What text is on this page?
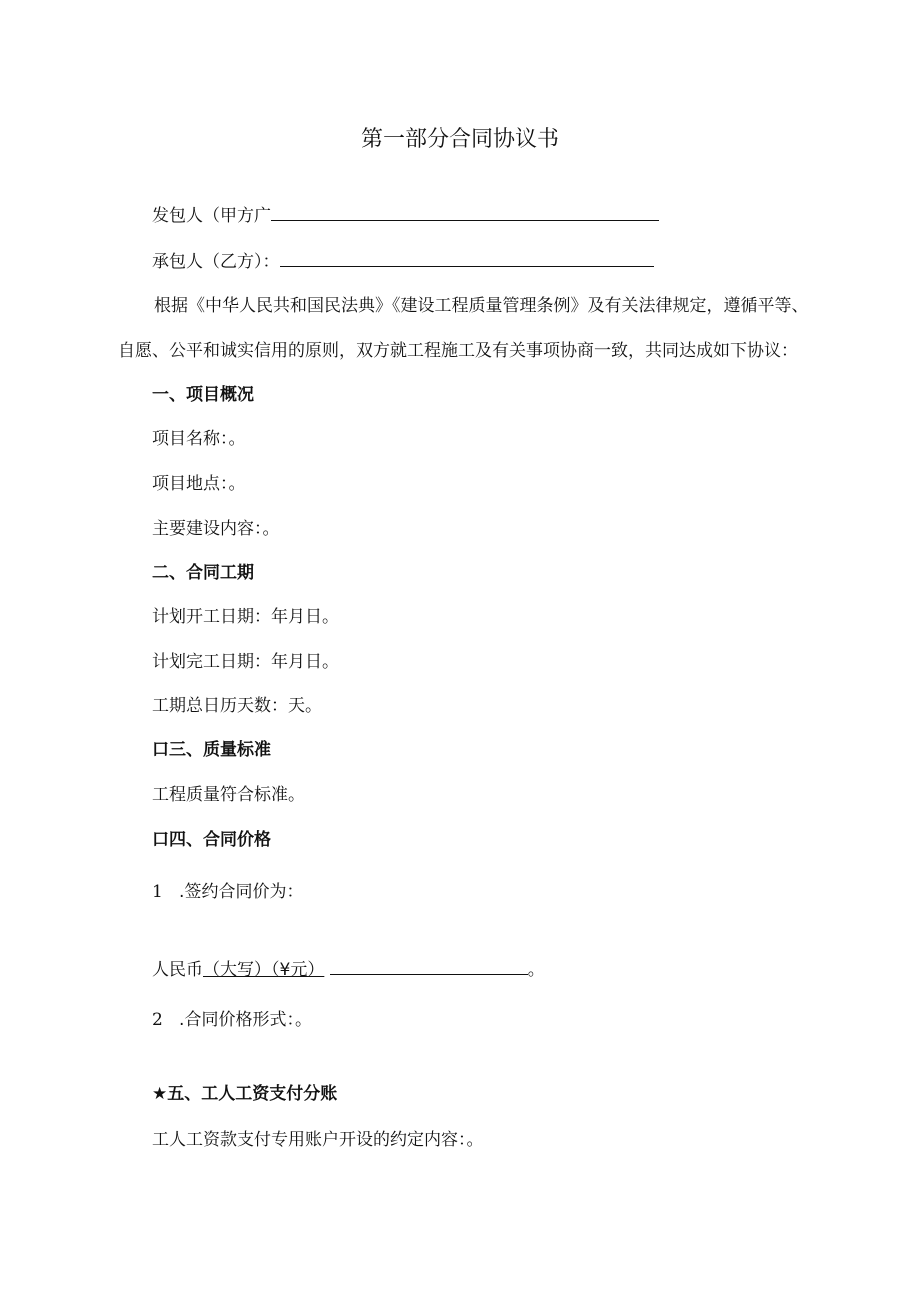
第一部分合同协议书
发包人（甲方广
承包人（乙方）：
根据《中华人民共和国民法典》《建设工程质量管理条例》及有关法律规定，遵循平等、
自愿、公平和诚实信用的原则，双方就工程施工及有关事项协商一致，共同达成如下协议：
一、项目概况
项目名称：。
项目地点：。
主要建设内容：。
二、合同工期
计划开工日期：年月日。
计划完工日期：年月日。
工期总日历天数：天。
口三、质量标准
工程质量符合标准。
口四、合同价格
1 .签约合同价为：
人民币（大写）（¥元）	。
2 .合同价格形式：。
★五、工人工资支付分账
工人工资款支付专用账户开设的约定内容：。
